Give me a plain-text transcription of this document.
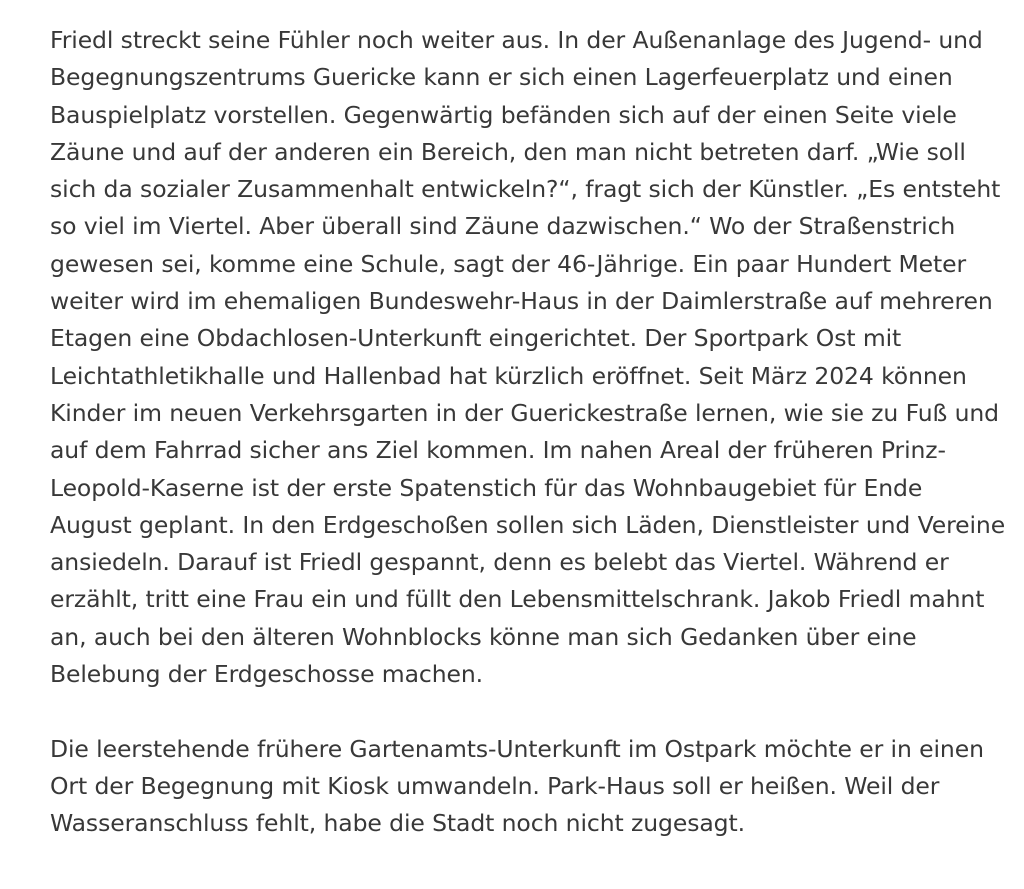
Friedl streckt seine Fühler noch weiter aus. In der Außenanlage des Jugend- und
Begegnungszentrums Guericke kann er sich einen Lagerfeuerplatz und einen
Bauspielplatz vorstellen. Gegenwärtig befänden sich auf der einen Seite viele
Zäune und auf der anderen ein Bereich, den man nicht betreten darf. „Wie soll
sich da sozialer Zusammenhalt entwickeln?“, fragt sich der Künstler. „Es entsteht
so viel im Viertel. Aber überall sind Zäune dazwischen.“ Wo der Straßenstrich
gewesen sei, komme eine Schule, sagt der 46-Jährige. Ein paar Hundert Meter
weiter wird im ehemaligen Bundeswehr-Haus in der Daimlerstraße auf mehreren
Etagen eine Obdachlosen-Unterkunft eingerichtet. Der Sportpark Ost mit
Leichtathletikhalle und Hallenbad hat kürzlich eröffnet. Seit März 2024 können
Kinder im neuen Verkehrsgarten in der Guerickestraße lernen, wie sie zu Fuß und
auf dem Fahrrad sicher ans Ziel kommen. Im nahen Areal der früheren Prinz-
Leopold-Kaserne ist der erste Spatenstich für das Wohnbaugebiet für Ende
August geplant. In den Erdgeschoßen sollen sich Läden, Dienstleister und Vereine
ansiedeln. Darauf ist Friedl gespannt, denn es belebt das Viertel. Während er
erzählt, tritt eine Frau ein und füllt den Lebensmittelschrank. Jakob Friedl mahnt
an, auch bei den älteren Wohnblocks könne man sich Gedanken über eine
Belebung der Erdgeschosse machen.

Die leerstehende frühere Gartenamts-Unterkunft im Ostpark möchte er in einen
Ort der Begegnung mit Kiosk umwandeln. Park-Haus soll er heißen. Weil der
Wasseranschluss fehlt, habe die Stadt noch nicht zugesagt.
